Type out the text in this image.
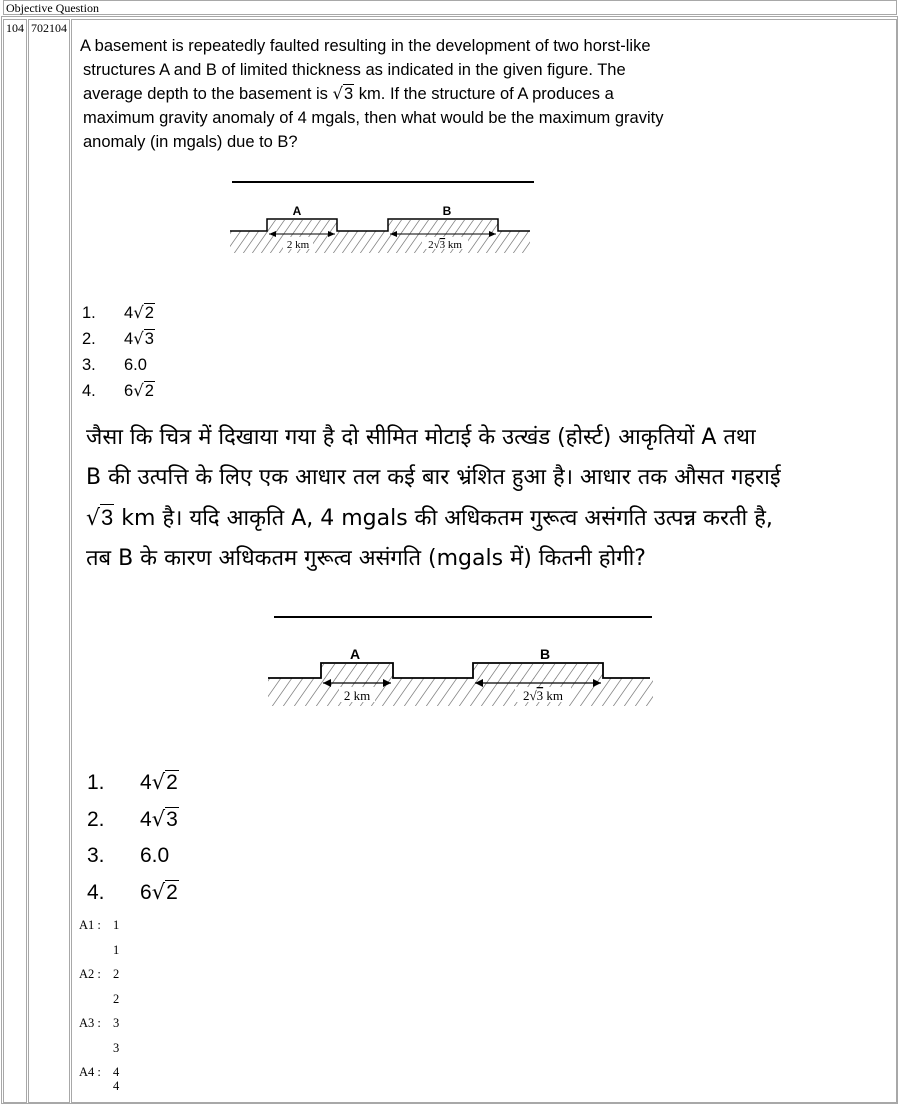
Objective Question
104 702104
A basement is repeatedly faulted resulting in the development of two horst-like
structures A and B of limited thickness as indicated in the given figure. The
average depth to the basement is √3 km. If the structure of A produces a
maximum gravity anomaly of 4 mgals, then what would be the maximum gravity
anomaly (in mgals) due to B?
A	B
2 km	2√3 km
1. 4√2
2. 4√3
3. 6.0
4. 6√2
जैसा कि चित्र में दिखाया गया है दो सीमित मोटाई के उत्खंड (होर्स्ट) आकृतियों A तथा
B की उत्पत्ति के लिए एक आधार तल कई बार भ्रंशित हुआ है। आधार तक औसत गहराई
√3 km है। यदि आकृति A, 4 mgals की अधिकतम गुरूत्व असंगति उत्पन्न करती है,
तब B के कारण अधिकतम गुरूत्व असंगति (mgals में) कितनी होगी?
A	B
2 km	2√3 km
1. 4√2
2. 4√3
3. 6.0
4. 6√2
A1 : 1
1
A2 : 2
2
A3 : 3
3
A4 : 4
4
